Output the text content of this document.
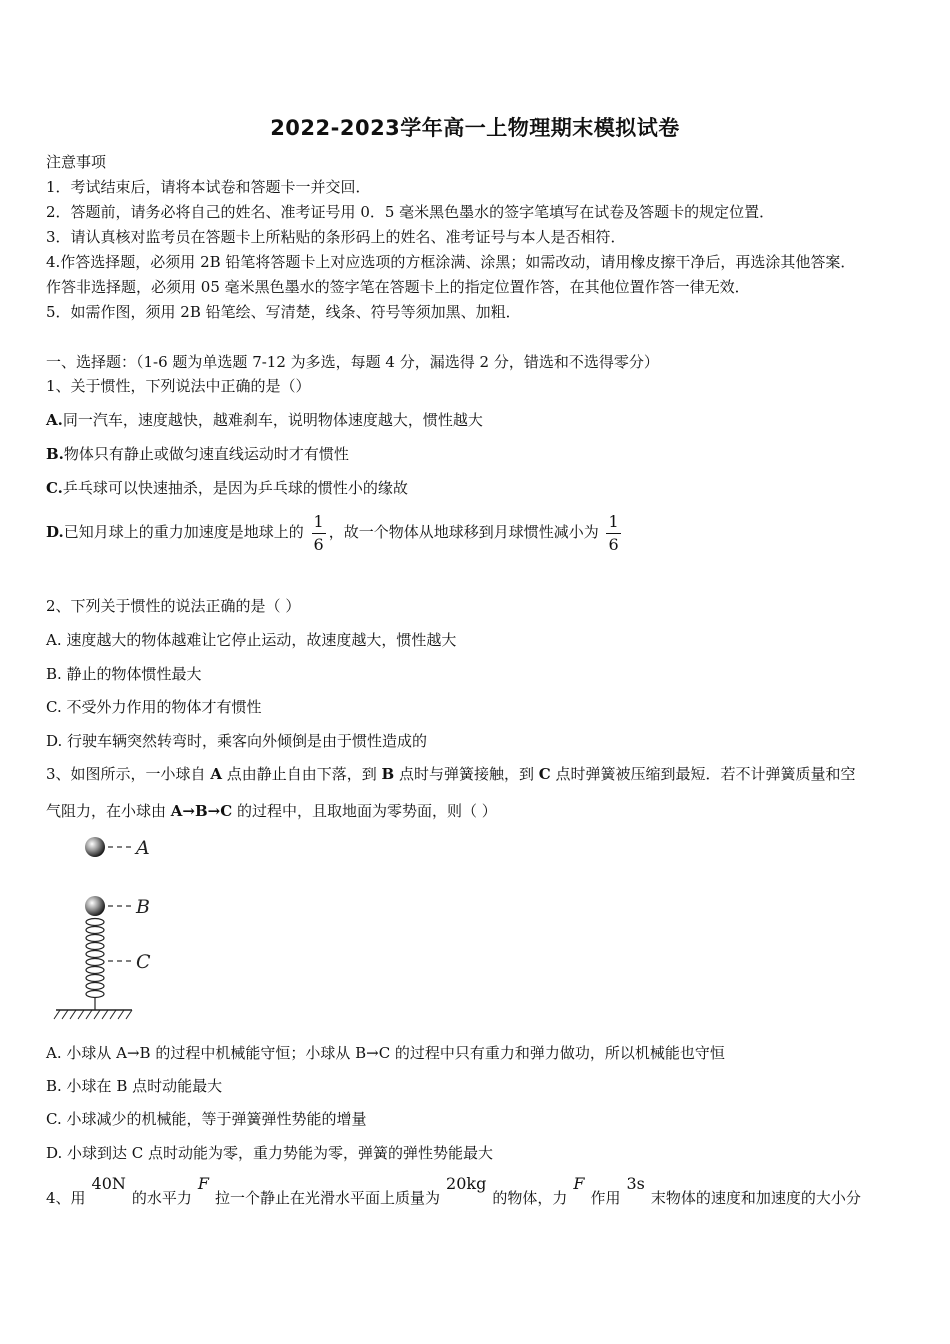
2022-2023学年高一上物理期末模拟试卷
注意事项
1．考试结束后，请将本试卷和答题卡一并交回．
2．答题前，请务必将自己的姓名、准考证号用 0．5 毫米黑色墨水的签字笔填写在试卷及答题卡的规定位置．
3．请认真核对监考员在答题卡上所粘贴的条形码上的姓名、准考证号与本人是否相符．
4.作答选择题，必须用 2B 铅笔将答题卡上对应选项的方框涂满、涂黑；如需改动，请用橡皮擦干净后，再选涂其他答案．
作答非选择题，必须用 05 毫米黑色墨水的签字笔在答题卡上的指定位置作答，在其他位置作答一律无效．
5．如需作图，须用 2B 铅笔绘、写清楚，线条、符号等须加黑、加粗．
一、选择题：（1-6 题为单选题 7-12 为多选，每题 4 分，漏选得 2 分，错选和不选得零分）
1、关于惯性，下列说法中正确的是（）
A.同一汽车，速度越快，越难刹车，说明物体速度越大，惯性越大
B.物体只有静止或做匀速直线运动时才有惯性
C.乒乓球可以快速抽杀，是因为乒乓球的惯性小的缘故
D.已知月球上的重力加速度是地球上的 $\frac{1}{6}$ ，故一个物体从地球移到月球惯性减小为 $\frac{1}{6}$
2、下列关于惯性的说法正确的是（ ）
A. 速度越大的物体越难让它停止运动，故速度越大，惯性越大
B. 静止的物体惯性最大
C. 不受外力作用的物体才有惯性
D. 行驶车辆突然转弯时，乘客向外倾倒是由于惯性造成的
3、如图所示，一小球自 A 点由静止自由下落，到 B 点时与弹簧接触，到 C 点时弹簧被压缩到最短．若不计弹簧质量和空
气阻力，在小球由 A→B→C 的过程中，且取地面为零势面，则（ ）
A
B
C
A. 小球从 A→B 的过程中机械能守恒；小球从 B→C 的过程中只有重力和弹力做功，所以机械能也守恒
B. 小球在 B 点时动能最大
C. 小球减少的机械能，等于弹簧弹性势能的增量
D. 小球到达 C 点时动能为零，重力势能为零，弹簧的弹性势能最大
4、用40N的水平力F拉一个静止在光滑水平面上质量为20kg的物体，力F作用3s末物体的速度和加速度的大小分
